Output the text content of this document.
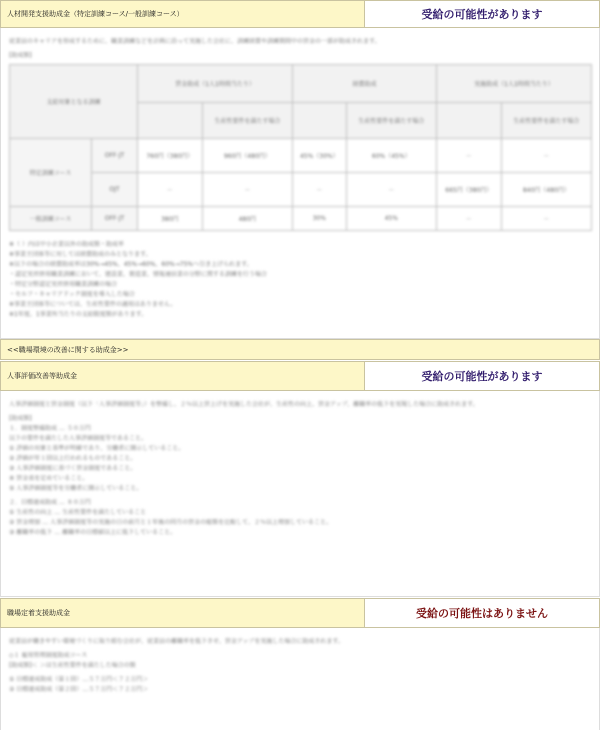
人材開発支援助成金（特定訓練コース/一般訓練コース）	受給の可能性があります
従業員のキャリアを形成するために、職業訓練などを計画に沿って実施した会社に、訓練経費や訓練期間中の賃金の一部が助成されます。
[助成額]
支給対象となる訓練		賃金助成（1人1時間当たり）		経費助成		実施助成（1人1時間当たり）	
			生産性要件を満たす場合		生産性要件を満たす場合		生産性要件を満たす場合
特定訓練コース	OFF-JT	760円（380円）	960円（480円）	45%（30%）	60%（45%）	－	－
	OJT	－	－	－	－	665円（380円）	840円（480円）
一般訓練コース	OFF-JT	380円	480円	30%	45%	－	－
※（ ）内は中小企業以外の助成額・助成率
※事業主団体等に対しては経費助成のみとなります。
※以下の場合の経費助成率は30%→45%、45%→60%、60%→75%へ引き上げられます。
・認定実習併用職業訓練において、建設業、製造業、情報通信業の分野に関する訓練を行う場合
・特定分野認定実習併用職業訓練の場合
・セルフ・キャリアドック制度を導入した場合
※事業主団体等については、生産性要件の適用はありません。
※1年度、1事業所当たりの支給限度額があります。
<<職場環境の改善に関する助成金>>
人事評価改善等助成金	受給の可能性があります
人事評価制度と賃金制度（以下「人事評価制度等」）を整備し、２％以上賃上げを実施した会社が、生産性の向上、賃金アップ、離職率の低下を実現した場合に助成されます。
[助成額]
１．制度整備助成 … ５０万円
以下の要件を満たした人事評価制度等であること。
① 評価の対象と基準が明確であり、労働者に開示していること。
② 評価が年１回以上行われるものであること。
③ 人事評価制度に基づく賃金制度であること。
④ 賃金表を定めていること。
⑤ 人事評価制度等を労働者に開示していること。
２．目標達成助成 … ８０万円
① 生産性の向上 … 生産性要件を満たしていること
② 賃金増加 … 人事評価制度等の実施の日の前月と１年後の同月の賃金の総額を比較して、２％以上増加していること。
③ 離職率の低下 … 離職率の目標値以上に低下していること。
職場定着支援助成金	受給の可能性はありません
従業員が働きやすい環境づくりに取り組む会社が、従業員の離職率を低下させ、賃金アップを実施した場合に助成されます。
◇１ 雇用管理制度助成コース
[助成額]＜ ＞は生産性要件を満たした場合の額
① 目標達成助成（第１回）…５７万円＜７２万円＞
② 目標達成助成（第２回）…５７万円＜７２万円＞
